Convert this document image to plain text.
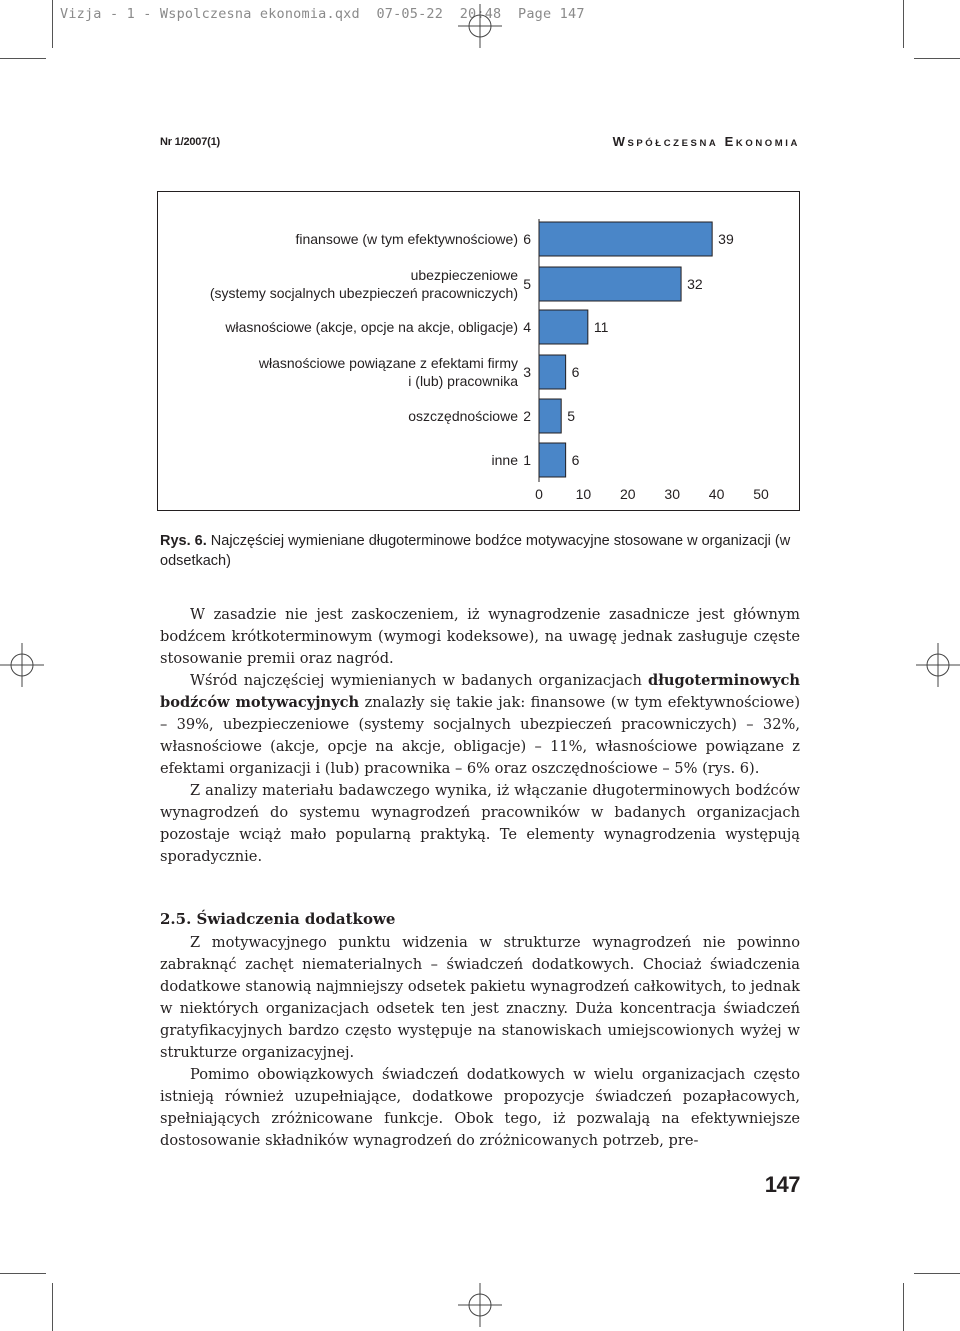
Vizja - 1 - Wspolczesna ekonomia.qxd  07-05-22  20:48  Page 147
Nr 1/2007(1)	WSPÓŁCZESNA EKONOMIA
0 10 20 30 40 50
39
6
finansowe (w tym efektywnościowe)
32
5
ubezpieczeniowe
(systemy socjalnych ubezpieczeń pracowniczych)
11
4
własnościowe (akcje, opcje na akcje, obligacje)
6
3
własnościowe powiązane z efektami firmy
i (lub) pracownika
5
2
oszczędnościowe
6
1
inne
Rys. 6. Najczęściej wymieniane długoterminowe bodźce motywacyjne stosowane w organizacji (w odsetkach)

W zasadzie nie jest zaskoczeniem, iż wynagrodzenie zasadnicze jest głównym bodźcem krótkoterminowym (wymogi kodeksowe), na uwagę jednak zasługuje częste stosowanie premii oraz nagród.

Wśród najczęściej wymienianych w badanych organizacjach długoterminowych bodźców motywacyjnych znalazły się takie jak: finansowe (w tym efektywnościowe) – 39%, ubezpieczeniowe (systemy socjalnych ubezpieczeń pracowniczych) – 32%, własnościowe (akcje, opcje na akcje, obligacje) – 11%, własnościowe powiązane z efektami organizacji i (lub) pracownika – 6% oraz oszczędnościowe – 5% (rys. 6).

Z analizy materiału badawczego wynika, iż włączanie długoterminowych bodźców wynagrodzeń do systemu wynagrodzeń pracowników w badanych organizacjach pozostaje wciąż mało popularną praktyką. Te elementy wynagrodzenia występują sporadycznie.

2.5. Świadczenia dodatkowe

Z motywacyjnego punktu widzenia w strukturze wynagrodzeń nie powinno zabraknąć zachęt niematerialnych – świadczeń dodatkowych. Chociaż świadczenia dodatkowe stanowią najmniejszy odsetek pakietu wynagrodzeń całkowitych, to jednak w niektórych organizacjach odsetek ten jest znaczny. Duża koncentracja świadczeń gratyfikacyjnych bardzo często występuje na stanowiskach umiejscowionych wyżej w strukturze organizacyjnej.

Pomimo obowiązkowych świadczeń dodatkowych w wielu organizacjach często istnieją również uzupełniające, dodatkowe propozycje świadczeń pozapłacowych, spełniających zróżnicowane funkcje. Obok tego, iż pozwalają na efektywniejsze dostosowanie składników wynagrodzeń do zróżnicowanych potrzeb, pre-

147
